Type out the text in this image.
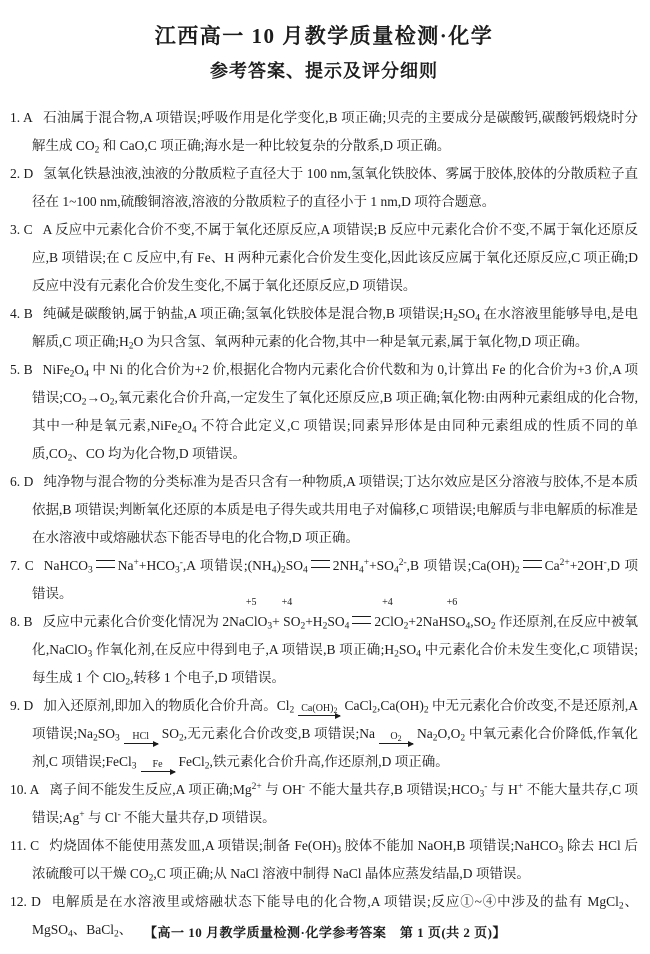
江西高一 10 月教学质量检测·化学
参考答案、提示及评分细则

1. A 石油属于混合物,A 项错误;呼吸作用是化学变化,B 项正确;贝壳的主要成分是碳酸钙,碳酸钙煅烧时分解生成 $CO_2$ 和 CaO,C 项正确;海水是一种比较复杂的分散系,D 项正确。

2. D 氢氧化铁悬浊液,浊液的分散质粒子直径大于 100 nm,氢氧化铁胶体、雾属于胶体,胶体的分散质粒子直径在 1~100 nm,硫酸铜溶液,溶液的分散质粒子的直径小于 1 nm,D 项符合题意。

3. C A 反应中元素化合价不变,不属于氧化还原反应,A 项错误;B 反应中元素化合价不变,不属于氧化还原反应,B 项错误;在 C 反应中,有 Fe、H 两种元素化合价发生变化,因此该反应属于氧化还原反应,C 项正确;D 反应中没有元素化合价发生变化,不属于氧化还原反应,D 项错误。

4. B 纯碱是碳酸钠,属于钠盐,A 项正确;氢氧化铁胶体是混合物,B 项错误$;H_2SO_4$ 在水溶液里能够导电,是电解质,C 项正确$;H_2O$ 为只含氢、氧两种元素的化合物,其中一种是氧元素,属于氧化物,D 项正确。

5. B $NiFe_2O_4$ 中 Ni 的化合价为+2 价,根据化合物内元素化合价代数和为 0,计算出 Fe 的化合价为+3 价,A 项错误$;CO_2\to O_2$,氧元素化合价升高,一定发生了氧化还原反应,B 项正确;氧化物:由两种元素组成的化合物,其中一种是氧元素$,NiFe_2O_4$ 不符合此定义,C 项错误;同素异形体是由同种元素组成的性质不同的单质$,CO_2$、CO 均为化合物,D 项错误。

6. D 纯净物与混合物的分类标准为是否只含有一种物质,A 项错误;丁达尔效应是区分溶液与胶体,不是本质依据,B 项错误;判断氧化还原的本质是电子得失或共用电子对偏移,C 项错误;电解质与非电解质的标准是在水溶液中或熔融状态下能否导电的化合物,D 项正确。

7. C NaHCO$_3$ $Na^++HCO_3^-,A$ 项错误$;(NH_4)_2SO_4$ $2NH_4^++SO_4^{2-},B$ 项错误$;Ca(OH)_2$ $Ca^{2+}+2OH^-,D$ 项错误。

8. B 反应中元素化合价变化情况为 2Na
+5
ClO$_3$+
+4
$SO_2+H_2SO_4$ 2
+4
ClO$_2$+2NaH
+6
$SO_4,SO_2$ 作还原剂,在反应中被氧化,NaClO$_3$ 作氧化剂,在反应中得到电子,A 项错误,B 项正确$;H_2SO_4$ 中元素化合价未发生变化,C 项错误;每生成 1 个 ClO$_2$,转移 1 个电子,D 项错误。

9. D 加入还原剂,即加入的物质化合价升高。$Cl_2$ $Ca(OH)_2$ $CaCl_2,Ca(OH)_2$ 中无元素化合价改变,不是还原剂,A 项错误$;Na_2SO_3$	HCl $SO_2$,无元素化合价改变,B 项错误;Na	$O_2$	$Na_2O,O_2$ 中氧元素化合价降低,作氧化剂,C 项错误;FeCl$_3$	Fe	FeCl$_2$,铁元素化合价升高,作还原剂,D 项正确。

10. A 离子间不能发生反应,A 项正确$;Mg^{2+}$ 与 OH- 不能大量共存,B 项错误$;HCO_3^-$ 与 H+ 不能大量共存,C 项错误;Ag+ 与 Cl- 不能大量共存,D 项错误。

11. C 灼烧固体不能使用蒸发皿,A 项错误;制备 $Fe(OH)_3$ 胶体不能加 NaOH,B 项错误;NaHCO$_3$ 除去 HCl 后浓硫酸可以干燥 $CO_2,C$ 项正确;从 NaCl 溶液中制得 NaCl 晶体应蒸发结晶,D 项错误。

12. D 电解质是在水溶液里或熔融状态下能导电的化合物,A 项错误;反应①~④中涉及的盐有 MgCl$_2$、MgSO$_4$、BaCl$_2$、 【高一 10 月教学质量检测·化学参考答案　第 1 页(共 2 页)】
